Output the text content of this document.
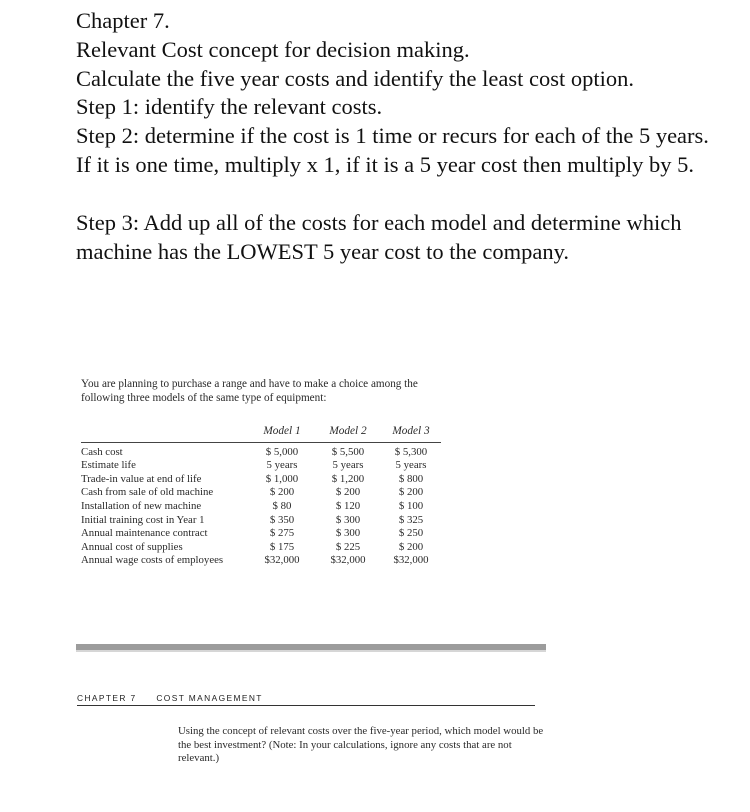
Chapter 7.

Relevant Cost concept for decision making.

Calculate the five year costs and identify the least cost option.

Step 1: identify the relevant costs.

Step 2: determine if the cost is 1 time or recurs for each of the 5 years.

If it is one time, multiply x 1, if it is a 5 year cost then multiply by 5.

Step 3: Add up all of the costs for each model and determine which machine has the LOWEST 5 year cost to the company.

You are planning to purchase a range and have to make a choice among the following three models of the same type of equipment:

	Model 1	Model 2	Model 3
Cash cost	$ 5,000	$ 5,500	$ 5,300
Estimate life	5 years	5 years	5 years
Trade-in value at end of life	$ 1,000	$ 1,200	$ 800
Cash from sale of old machine	$ 200	$ 200	$ 200
Installation of new machine	$ 80	$ 120	$ 100
Initial training cost in Year 1	$ 350	$ 300	$ 325
Annual maintenance contract	$ 275	$ 300	$ 250
Annual cost of supplies	$ 175	$ 225	$ 200
Annual wage costs of employees	$32,000	$32,000	$32,000
CHAPTER 7 COST MANAGEMENT

Using the concept of relevant costs over the five-year period, which model would be the best investment? (Note: In your calculations, ignore any costs that are not relevant.)
